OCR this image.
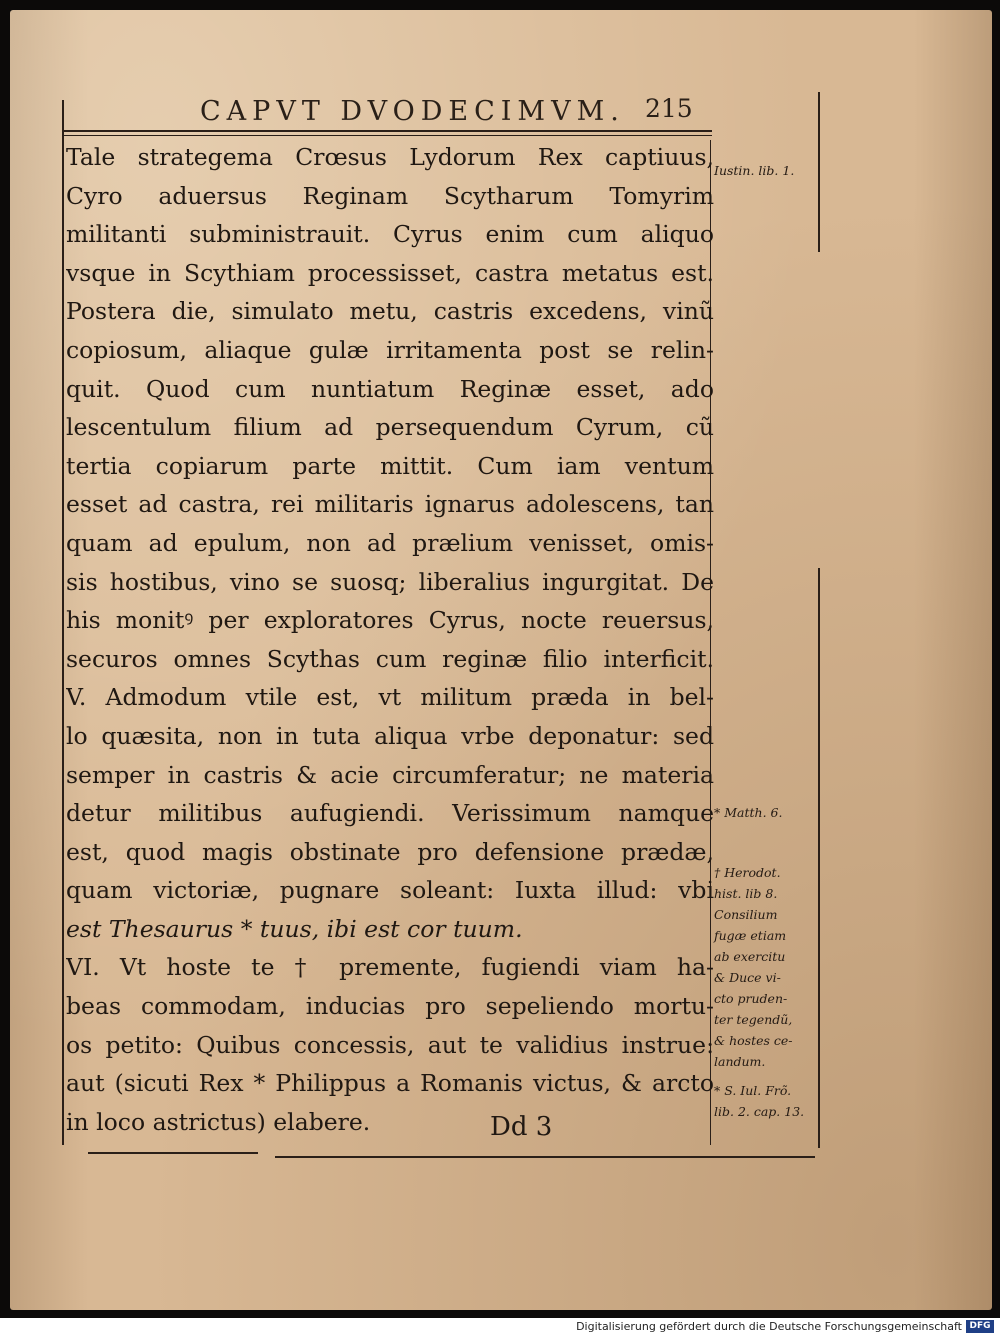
CAPVT DVODECIMVM. 215
Tale strategema Crœsus Lydorum Rex captiuus,
Cyro aduersus Reginam Scytharum Tomyrim
militanti subministrauit. Cyrus enim cum aliquo
vsque in Scythiam processisset, castra metatus est.
Postera die, simulato metu, castris excedens, vinũ
copiosum, aliaque gulæ irritamenta post se relin-
quit. Quod cum nuntiatum Reginæ esset, ado
lescentulum filium ad persequendum Cyrum, cũ
tertia copiarum parte mittit. Cum iam ventum
esset ad castra, rei militaris ignarus adolescens, tan
quam ad epulum, non ad prælium venisset, omis-
sis hostibus, vino se suosq; liberalius ingurgitat. De
his monitꝰ per exploratores Cyrus, nocte reuersus,
securos omnes Scythas cum reginæ filio interficit.
V. Admodum vtile est, vt militum præda in bel-
lo quæsita, non in tuta aliqua vrbe deponatur: sed
semper in castris & acie circumferatur; ne materia
detur militibus aufugiendi. Verissimum namque
est, quod magis obstinate pro defensione prædæ,
quam victoriæ, pugnare soleant: Iuxta illud: vbi
est Thesaurus * tuus, ibi est cor tuum.
VI. Vt hoste te † premente, fugiendi viam ha-
beas commodam, inducias pro sepeliendo mortu-
os petito: Quibus concessis, aut te validius instrue:
aut (sicuti Rex * Philippus a Romanis victus, & arcto
in loco astrictus) elabere.	Dd 3
Iustin. lib. 1.
* Matth. 6.
† Herodot.
hist. lib 8.
Consilium
fugæ etiam
ab exercitu
& Duce vi-
cto pruden-
ter tegendũ,
& hostes ce-
landum.
* S. Iul. Frõ.
lib. 2. cap. 13.
Digitalisierung gefördert durch die Deutsche Forschungsgemeinschaft DFG
